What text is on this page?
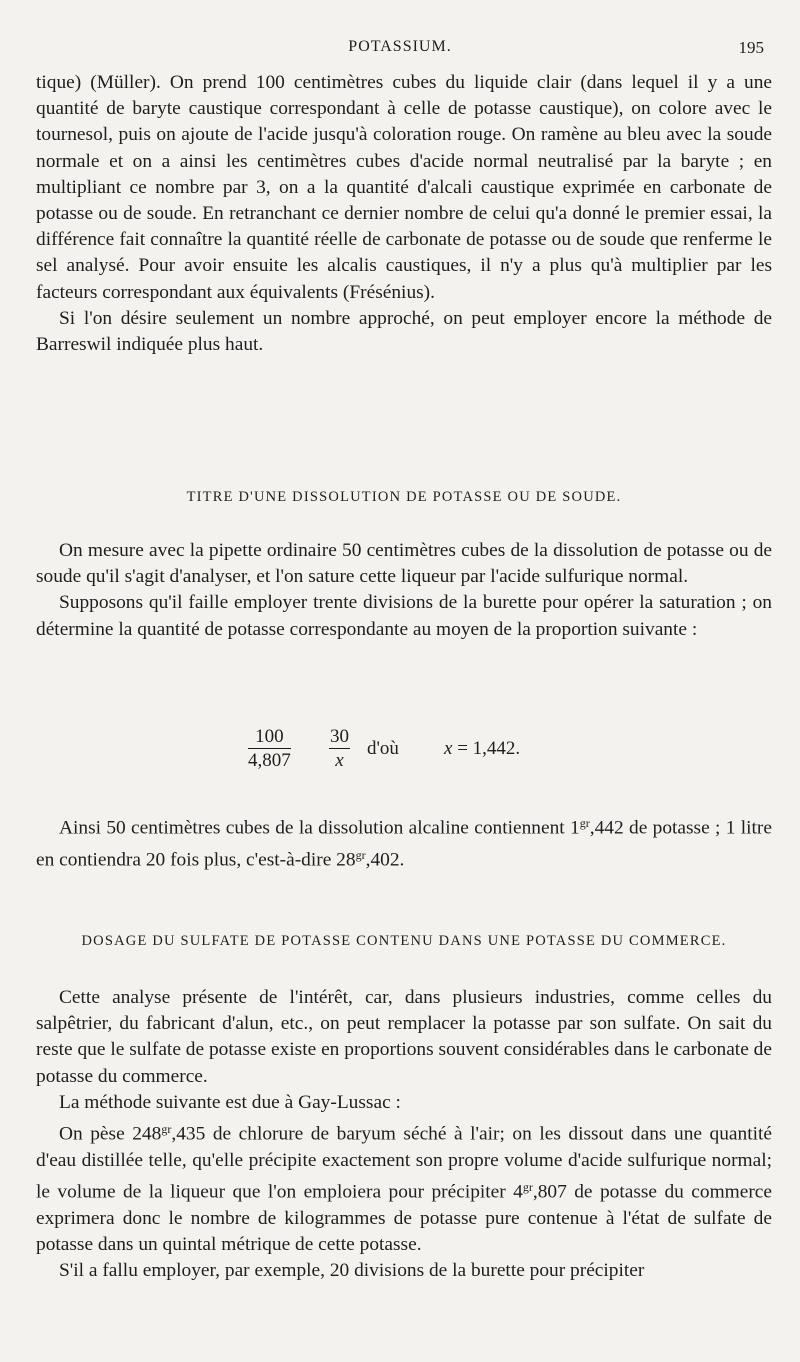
POTASSIUM.	195

tique) (Müller). On prend 100 centimètres cubes du liquide clair (dans lequel il y a une quantité de baryte caustique correspondant à celle de potasse caustique), on colore avec le tournesol, puis on ajoute de l'acide jusqu'à coloration rouge. On ramène au bleu avec la soude normale et on a ainsi les centimètres cubes d'acide normal neutralisé par la baryte ; en multipliant ce nombre par 3, on a la quantité d'alcali caustique exprimée en carbonate de potasse ou de soude. En retranchant ce dernier nombre de celui qu'a donné le premier essai, la différence fait connaître la quantité réelle de carbonate de potasse ou de soude que renferme le sel analysé. Pour avoir ensuite les alcalis caustiques, il n'y a plus qu'à multiplier par les facteurs correspondant aux équivalents (Frésénius).

Si l'on désire seulement un nombre approché, on peut employer encore la méthode de Barreswil indiquée plus haut.

TITRE D'UNE DISSOLUTION DE POTASSE OU DE SOUDE.

On mesure avec la pipette ordinaire 50 centimètres cubes de la dissolution de potasse ou de soude qu'il s'agit d'analyser, et l'on sature cette liqueur par l'acide sulfurique normal.

Supposons qu'il faille employer trente divisions de la burette pour opérer la saturation ; on détermine la quantité de potasse correspondante au moyen de la proportion suivante :

100
4,807
30
x
d'où x = 1,442.

Ainsi 50 centimètres cubes de la dissolution alcaline contiennent $1^{gr},442$ de potasse ; 1 litre en contiendra 20 fois plus, c'est-à-dire $28^{gr},402$.

DOSAGE DU SULFATE DE POTASSE CONTENU DANS UNE POTASSE DU COMMERCE.

Cette analyse présente de l'intérêt, car, dans plusieurs industries, comme celles du salpêtrier, du fabricant d'alun, etc., on peut remplacer la potasse par son sulfate. On sait du reste que le sulfate de potasse existe en proportions souvent considérables dans le carbonate de potasse du commerce.

La méthode suivante est due à Gay-Lussac :

On pèse $248^{gr},435$ de chlorure de baryum séché à l'air; on les dissout dans une quantité d'eau distillée telle, qu'elle précipite exactement son propre volume d'acide sulfurique normal; le volume de la liqueur que l'on emploiera pour précipiter $4^{gr},807$ de potasse du commerce exprimera donc le nombre de kilogrammes de potasse pure contenue à l'état de sulfate de potasse dans un quintal métrique de cette potasse.

S'il a fallu employer, par exemple, 20 divisions de la burette pour précipiter
